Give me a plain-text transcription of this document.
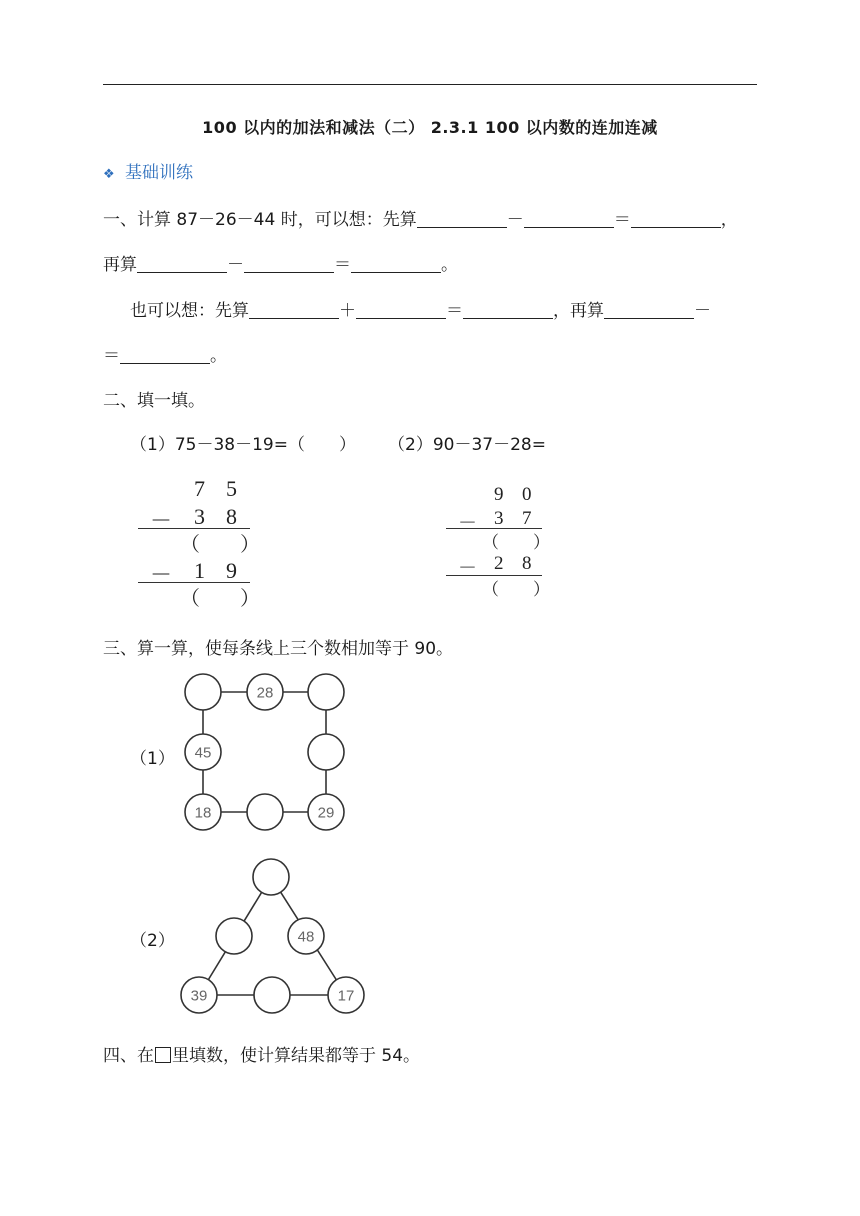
100 以内的加法和减法（二） 2.3.1 100 以内数的连加连减
❖ 基础训练
一、计算 87－26－44 时，可以想：先算	－	＝	，
再算	－	＝	。
也可以想：先算	＋	＝	，再算	－
＝	。
二、填一填。
（1）75－38－19=（　　） （2）90－37－28=
7 5
－ 3 8
（　　）
－ 1 9
（　　）
9 0
－ 3 7
（　　）
－ 2 8
（　　）
三、算一算，使每条线上三个数相加等于 90。
（1）
28
45
18	29
（2）	48
39	17
四、在 里填数，使计算结果都等于 54。
